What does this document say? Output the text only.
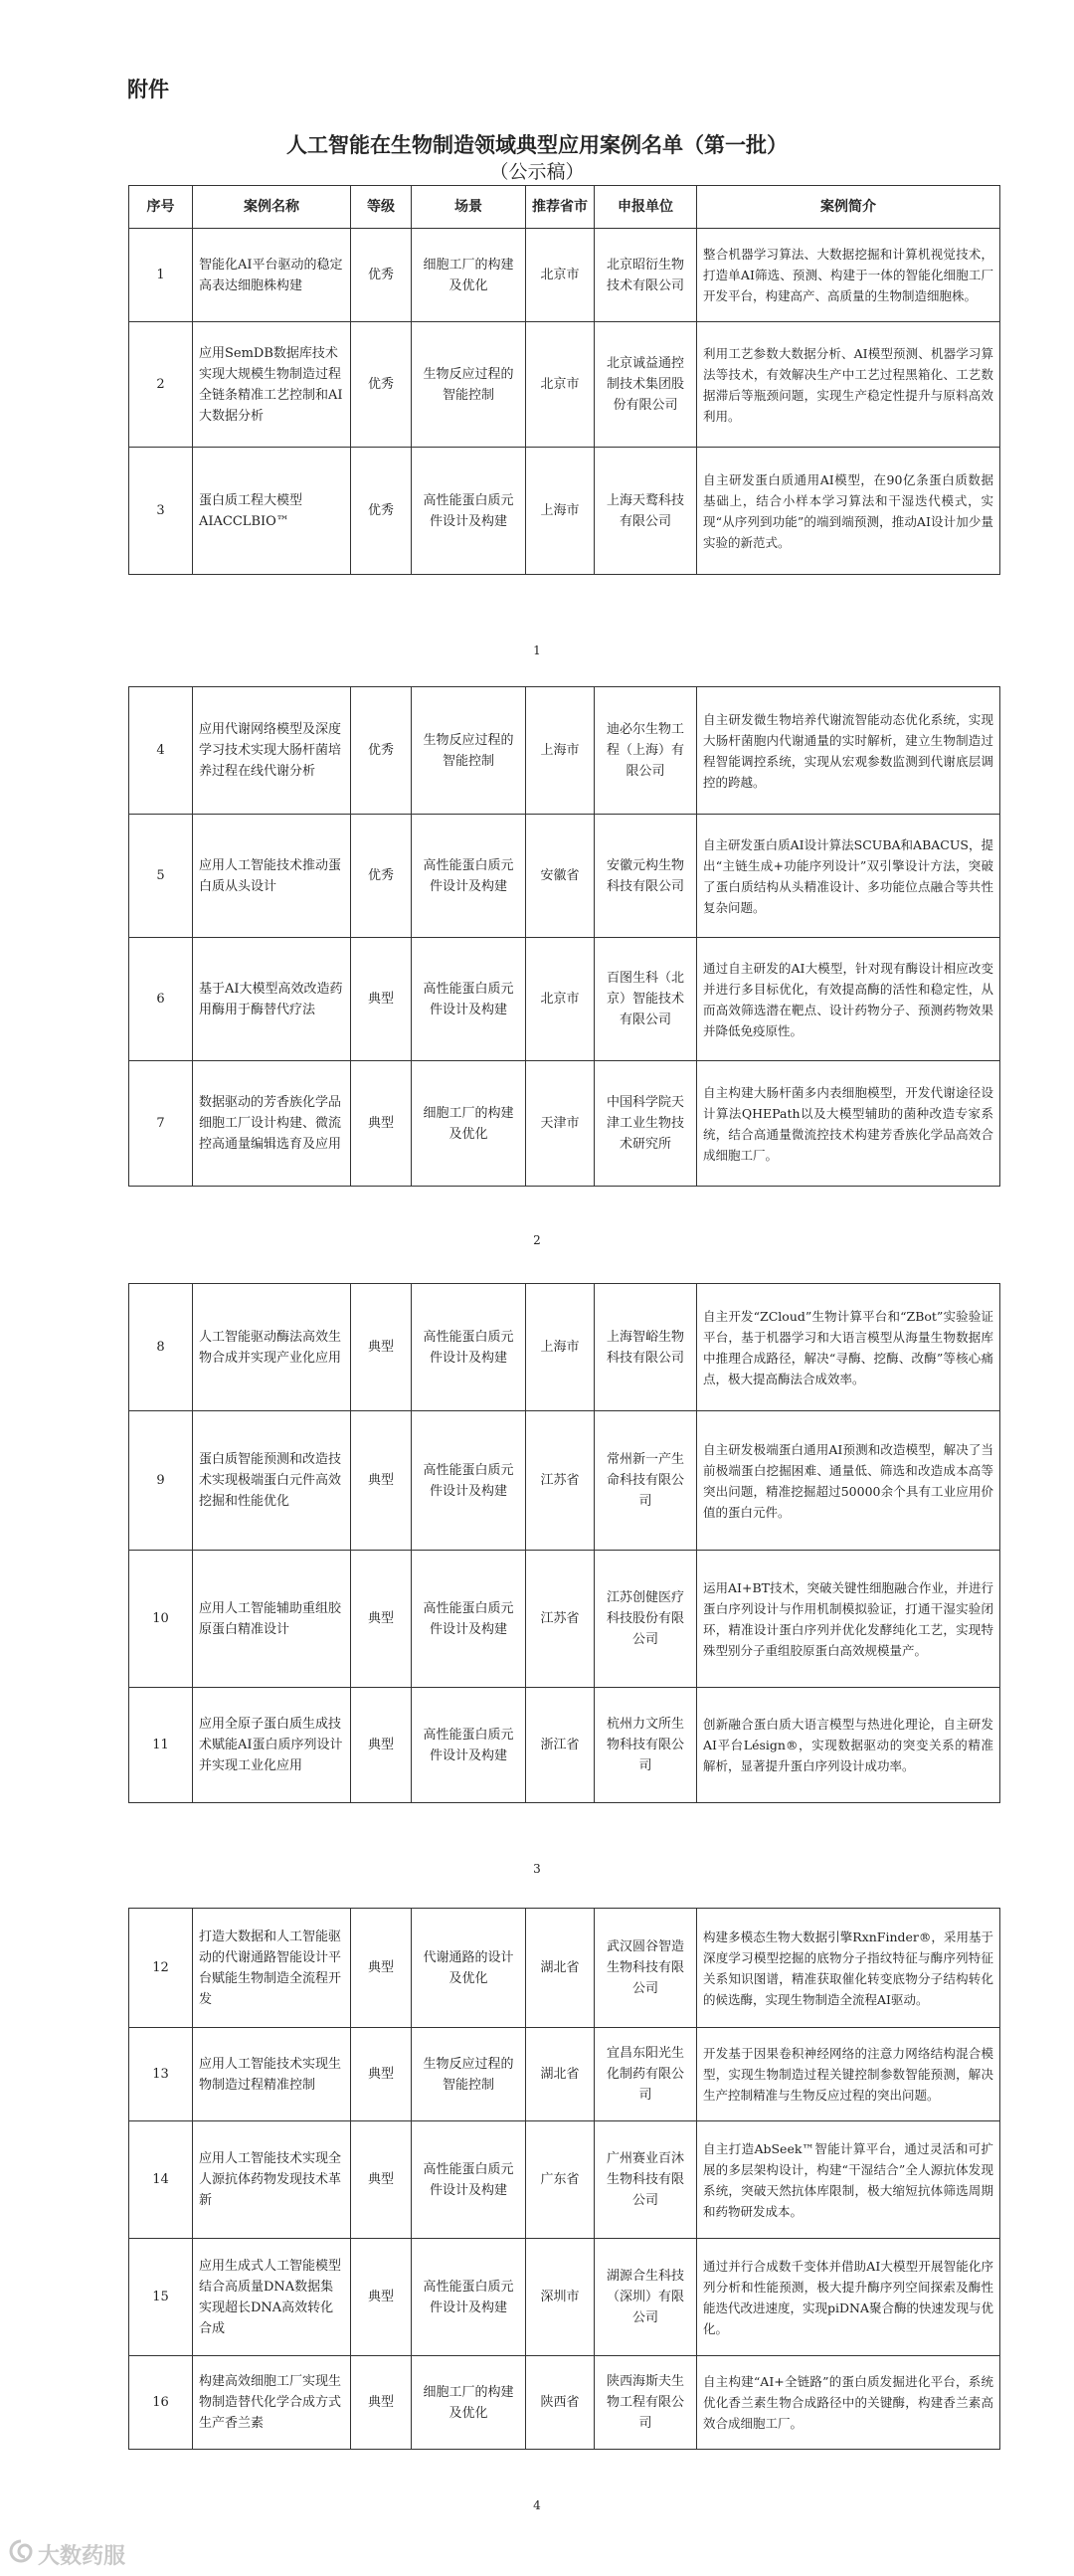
附件
人工智能在生物制造领域典型应用案例名单（第一批）
（公示稿）
序号	案例名称	等级	场景	推荐省市	申报单位	案例简介
1	智能化AI平台驱动的稳定高表达细胞株构建	优秀	细胞工厂的构建及优化	北京市	北京昭衍生物技术有限公司	整合机器学习算法、大数据挖掘和计算机视觉技术，打造单AI筛选、预测、构建于一体的智能化细胞工厂开发平台，构建高产、高质量的生物制造细胞株。
2	应用SemDB数据库技术实现大规模生物制造过程全链条精准工艺控制和AI大数据分析	优秀	生物反应过程的智能控制	北京市	北京诚益通控制技术集团股份有限公司	利用工艺参数大数据分析、AI模型预测、机器学习算法等技术，有效解决生产中工艺过程黑箱化、工艺数据滞后等瓶颈问题，实现生产稳定性提升与原料高效利用。
3	蛋白质工程大模型AIACCLBIO™	优秀	高性能蛋白质元件设计及构建	上海市	上海天鹜科技有限公司	自主研发蛋白质通用AI模型，在90亿条蛋白质数据基础上，结合小样本学习算法和干湿迭代模式，实现“从序列到功能”的端到端预测，推动AI设计加少量实验的新范式。
1
4	应用代谢网络模型及深度学习技术实现大肠杆菌培养过程在线代谢分析	优秀	生物反应过程的智能控制	上海市	迪必尔生物工程（上海）有限公司	自主研发微生物培养代谢流智能动态优化系统，实现大肠杆菌胞内代谢通量的实时解析，建立生物制造过程智能调控系统，实现从宏观参数监测到代谢底层调控的跨越。
5	应用人工智能技术推动蛋白质从头设计	优秀	高性能蛋白质元件设计及构建	安徽省	安徽元构生物科技有限公司	自主研发蛋白质AI设计算法SCUBA和ABACUS，提出“主链生成+功能序列设计”双引擎设计方法，突破了蛋白质结构从头精准设计、多功能位点融合等共性复杂问题。
6	基于AI大模型高效改造药用酶用于酶替代疗法	典型	高性能蛋白质元件设计及构建	北京市	百图生科（北京）智能技术有限公司	通过自主研发的AI大模型，针对现有酶设计相应改变并进行多目标优化，有效提高酶的活性和稳定性，从而高效筛选潜在靶点、设计药物分子、预测药物效果并降低免疫原性。
7	数据驱动的芳香族化学品细胞工厂设计构建、微流控高通量编辑选育及应用	典型	细胞工厂的构建及优化	天津市	中国科学院天津工业生物技术研究所	自主构建大肠杆菌多内表细胞模型，开发代谢途径设计算法QHEPath以及大模型辅助的菌种改造专家系统，结合高通量微流控技术构建芳香族化学品高效合成细胞工厂。
2
8	人工智能驱动酶法高效生物合成并实现产业化应用	典型	高性能蛋白质元件设计及构建	上海市	上海智峪生物科技有限公司	自主开发“ZCloud”生物计算平台和“ZBot”实验验证平台，基于机器学习和大语言模型从海量生物数据库中推理合成路径，解决“寻酶、挖酶、改酶”等核心痛点，极大提高酶法合成效率。
9	蛋白质智能预测和改造技术实现极端蛋白元件高效挖掘和性能优化	典型	高性能蛋白质元件设计及构建	江苏省	常州新一产生命科技有限公司	自主研发极端蛋白通用AI预测和改造模型，解决了当前极端蛋白挖掘困难、通量低、筛选和改造成本高等突出问题，精准挖掘超过50000余个具有工业应用价值的蛋白元件。
10	应用人工智能辅助重组胶原蛋白精准设计	典型	高性能蛋白质元件设计及构建	江苏省	江苏创健医疗科技股份有限公司	运用AI+BT技术，突破关键性细胞融合作业，并进行蛋白序列设计与作用机制模拟验证，打通干湿实验闭环，精准设计蛋白序列并优化发酵纯化工艺，实现特殊型别分子重组胶原蛋白高效规模量产。
11	应用全原子蛋白质生成技术赋能AI蛋白质序列设计并实现工业化应用	典型	高性能蛋白质元件设计及构建	浙江省	杭州力文所生物科技有限公司	创新融合蛋白质大语言模型与热进化理论，自主研发AI平台Lésign®，实现数据驱动的突变关系的精准解析，显著提升蛋白序列设计成功率。
3
12	打造大数据和人工智能驱动的代谢通路智能设计平台赋能生物制造全流程开发	典型	代谢通路的设计及优化	湖北省	武汉圆谷智造生物科技有限公司	构建多模态生物大数据引擎RxnFinder®，采用基于深度学习模型挖掘的底物分子指纹特征与酶序列特征关系知识图谱，精准获取催化转变底物分子结构转化的候选酶，实现生物制造全流程AI驱动。
13	应用人工智能技术实现生物制造过程精准控制	典型	生物反应过程的智能控制	湖北省	宜昌东阳光生化制药有限公司	开发基于因果卷积神经网络的注意力网络结构混合模型，实现生物制造过程关键控制参数智能预测，解决生产控制精准与生物反应过程的突出问题。
14	应用人工智能技术实现全人源抗体药物发现技术革新	典型	高性能蛋白质元件设计及构建	广东省	广州赛业百沐生物科技有限公司	自主打造AbSeek™智能计算平台，通过灵活和可扩展的多层架构设计，构建“干湿结合”全人源抗体发现系统，突破天然抗体库限制，极大缩短抗体筛选周期和药物研发成本。
15	应用生成式人工智能模型结合高质量DNA数据集实现超长DNA高效转化合成	典型	高性能蛋白质元件设计及构建	深圳市	湖源合生科技（深圳）有限公司	通过并行合成数千变体并借助AI大模型开展智能化序列分析和性能预测，极大提升酶序列空间探索及酶性能迭代改进速度，实现piDNA聚合酶的快速发现与优化。
16	构建高效细胞工厂实现生物制造替代化学合成方式生产香兰素	典型	细胞工厂的构建及优化	陕西省	陕西海斯夫生物工程有限公司	自主构建“AI+全链路”的蛋白质发掘进化平台，系统优化香兰素生物合成路径中的关键酶，构建香兰素高效合成细胞工厂。
4
大数药服
